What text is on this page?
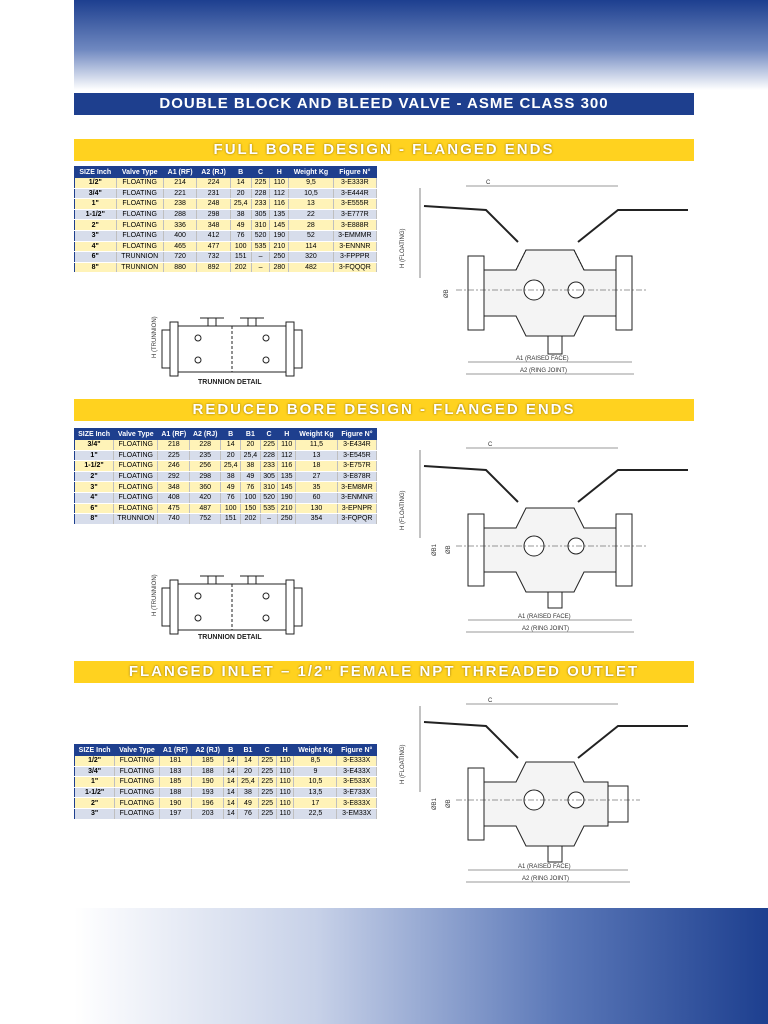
DOUBLE BLOCK AND BLEED VALVE - ASME CLASS 300
FULL BORE DESIGN - FLANGED ENDS
SIZE Inch	Valve Type	A1 (RF)	A2 (RJ)	B	C	H	Weight Kg	Figure N°
1/2"	FLOATING	214	224	14	225	110	9,5	3-E333R
3/4"	FLOATING	221	231	20	228	112	10,5	3-E444R
1"	FLOATING	238	248	25,4	233	116	13	3-E555R
1-1/2"	FLOATING	288	298	38	305	135	22	3-E777R
2"	FLOATING	336	348	49	310	145	28	3-E888R
3"	FLOATING	400	412	76	520	190	52	3-EMMMR
4"	FLOATING	465	477	100	535	210	114	3-ENNNR
6"	TRUNNION	720	732	151	–	250	320	3-FPPPR
8"	TRUNNION	880	892	202	–	280	482	3-FQQQR
H (TRUNNION)
TRUNNION DETAIL
C
H (FLOATING)
ØB
A1 (RAISED FACE)
A2 (RING JOINT)
REDUCED BORE DESIGN - FLANGED ENDS
SIZE Inch	Valve Type	A1 (RF)	A2 (RJ)	B	B1	C	H	Weight Kg	Figure N°
3/4"	FLOATING	218	228	14	20	225	110	11,5	3-E434R
1"	FLOATING	225	235	20	25,4	228	112	13	3-E545R
1-1/2"	FLOATING	246	256	25,4	38	233	116	18	3-E757R
2"	FLOATING	292	298	38	49	305	135	27	3-E878R
3"	FLOATING	348	360	49	76	310	145	35	3-EM8MR
4"	FLOATING	408	420	76	100	520	190	60	3-ENMNR
6"	FLOATING	475	487	100	150	535	210	130	3-EPNPR
8"	TRUNNION	740	752	151	202	–	250	354	3-FQPQR
H (TRUNNION)
TRUNNION DETAIL
C
H (FLOATING)
ØB1 ØB
A1 (RAISED FACE)
A2 (RING JOINT)
FLANGED INLET – 1/2" FEMALE NPT THREADED OUTLET
SIZE Inch	Valve Type	A1 (RF)	A2 (RJ)	B	B1	C	H	Weight Kg	Figure N°
1/2"	FLOATING	181	185	14	14	225	110	8,5	3-E333X
3/4"	FLOATING	183	188	14	20	225	110	9	3-E433X
1"	FLOATING	185	190	14	25,4	225	110	10,5	3-E533X
1-1/2"	FLOATING	188	193	14	38	225	110	13,5	3-E733X
2"	FLOATING	190	196	14	49	225	110	17	3-E833X
3"	FLOATING	197	203	14	76	225	110	22,5	3-EM33X
C
H (FLOATING)
ØB1 ØB
A1 (RAISED FACE)
A2 (RING JOINT)
